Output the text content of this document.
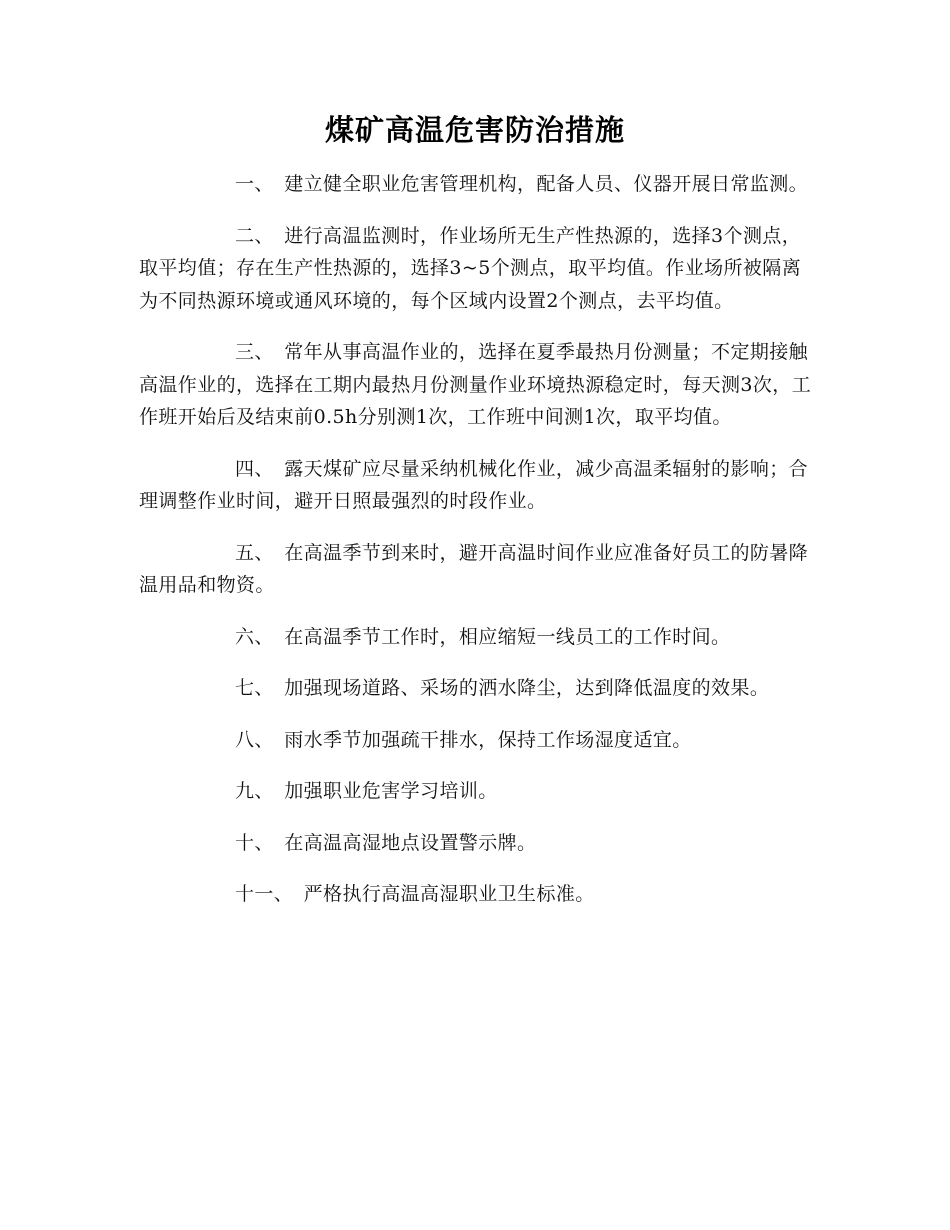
煤矿高温危害防治措施

一、 建立健全职业危害管理机构，配备人员、仪器开展日常监测。

二、 进行高温监测时，作业场所无生产性热源的，选择3个测点，取平均值；存在生产性热源的，选择3~5个测点，取平均值。作业场所被隔离为不同热源环境或通风环境的，每个区域内设置2个测点，去平均值。

三、 常年从事高温作业的，选择在夏季最热月份测量；不定期接触高温作业的，选择在工期内最热月份测量作业环境热源稳定时，每天测3次，工作班开始后及结束前0.5h分别测1次，工作班中间测1次，取平均值。

四、 露天煤矿应尽量采纳机械化作业，减少高温柔辐射的影响；合理调整作业时间，避开日照最强烈的时段作业。

五、 在高温季节到来时，避开高温时间作业应准备好员工的防暑降温用品和物资。

六、 在高温季节工作时，相应缩短一线员工的工作时间。

七、 加强现场道路、采场的洒水降尘，达到降低温度的效果。

八、 雨水季节加强疏干排水，保持工作场湿度适宜。

九、 加强职业危害学习培训。

十、 在高温高湿地点设置警示牌。

十一、 严格执行高温高湿职业卫生标准。
